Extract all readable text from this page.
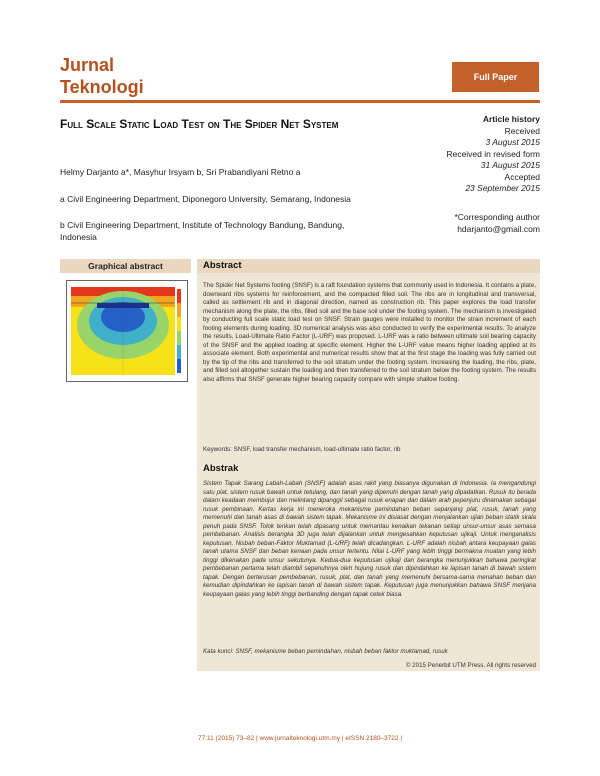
Jurnal
Teknologi	Full Paper
Full Scale Static Load Test on The Spider Net System
Helmy Darjanto a*, Masyhur Irsyam b, Sri Prabandiyani Retno a
a Civil Engineering Department, Diponegoro University, Semarang, Indonesia
b Civil Engineering Department, Institute of Technology Bandung, Bandung, Indonesia
Article history
Received
3 August 2015
Received in revised form
31 August 2015
Accepted
23 September 2015
*Corresponding author
hdarjanto@gmail.com
Graphical abstract	Abstract
The Spider Net Systems footing (SNSF) is a raft foundation systems that commonly used in Indonesia. It contains a plate, downward ribs systems for reinforcement, and the compacted filled soil. The ribs are in longitudinal and transversal, called as settlement rib and in diagonal direction, named as construction rib. This paper explores the load transfer mechanism along the plate, the ribs, filled soil and the base soil under the footing system. The mechanism is investigated by conducting full scale static load test on SNSF. Strain gauges were installed to monitor the strain increment of each footing elements during loading. 3D numerical analysis was also conducted to verify the experimental results. To analyze the results, Load-Ultimate Ratio Factor (L-URF) was proposed. L-URF was a ratio between ultimate soil bearing capacity of the SNSF and the applied loading at specific element. Higher the L-URF value means higher loading applied at its associate element. Both experimental and numerical results show that at the first stage the loading was fully carried out by the tip of the ribs and transferred to the soil stratum under the footing system. Increasing the loading, the ribs, plate, and filled soil altogether sustain the loading and then transferred to the soil stratum below the footing system. The results also affirms that SNSF generate higher bearing capacity compare with simple shallow footing.
Keywords: SNSF, load transfer mechanism, load-ultimate ratio factor, rib
Abstrak
Sistem Tapak Sarang Labah-Labah (SNSF) adalah asas rakit yang biasanya digunakan di Indonesia. Ia mengandungi satu plat, sistem rusuk bawah untuk tetulang, dan tanah yang dipenuhi dengan tanah yang dipadatkan. Rusuk itu berada dalam keadaan membujur dan melintang dipanggil sebagai rusuk enapan dan dalam arah pepenjuru dinamakan sebagai rusuk pembinaan. Kertas kerja ini meneroka mekanisme pemindahan beban sepanjang plat, rusuk, tanah yang memenuhi dan tanah asas di bawah sistem tapak. Mekanisme ini disiasat dengan menjalankan ujian beban statik skala penuh pada SNSF. Tolok terikan telah dipasang untuk memantau kenaikan tekanan setiap unsur-unsur asas semasa pembebanan. Analisis berangka 3D juga telah dijalankan untuk mengesahkan keputusan ujikaji. Untuk menganalisis keputusan, Nisbah beban-Faktor Muktamad (L-URF) telah dicadangkan. L-URF adalah nisbah antara keupayaan galas tanah utama SNSF dan beban kenaan pada unsur tertentu. Nilai L-URF yang lebih tinggi bermakna muatan yang lebih tinggi dikenakan pada unsur sekutunya. Kedua-dua keputusan ujikaji dan berangka menunjukkan bahawa peringkat pembebanan pertama telah diambil sepenuhnya oleh hujung rusuk dan dipindahkan ke lapisan tanah di bawah sistem tapak. Dengan berterusan pembebanan, rusuk, plat, dan tanah yang memenuhi bersama-sama menahan beban dan kemudian dipindahkan ke lapisan tanah di bawah sistem tapak. Keputusan juga menunjukkan bahawa SNSF menjana keupayaan galas yang lebih tinggi berbanding dengan tapak cetek biasa.
Kata kunci: SNSF, mekanisme beban pemindahan, nisbah beban faktor muktamad, rusuk
© 2015 Penerbit UTM Press. All rights reserved
77:11 (2015) 73–82 | www.jurnalteknologi.utm.my | eISSN 2180–3722 |
